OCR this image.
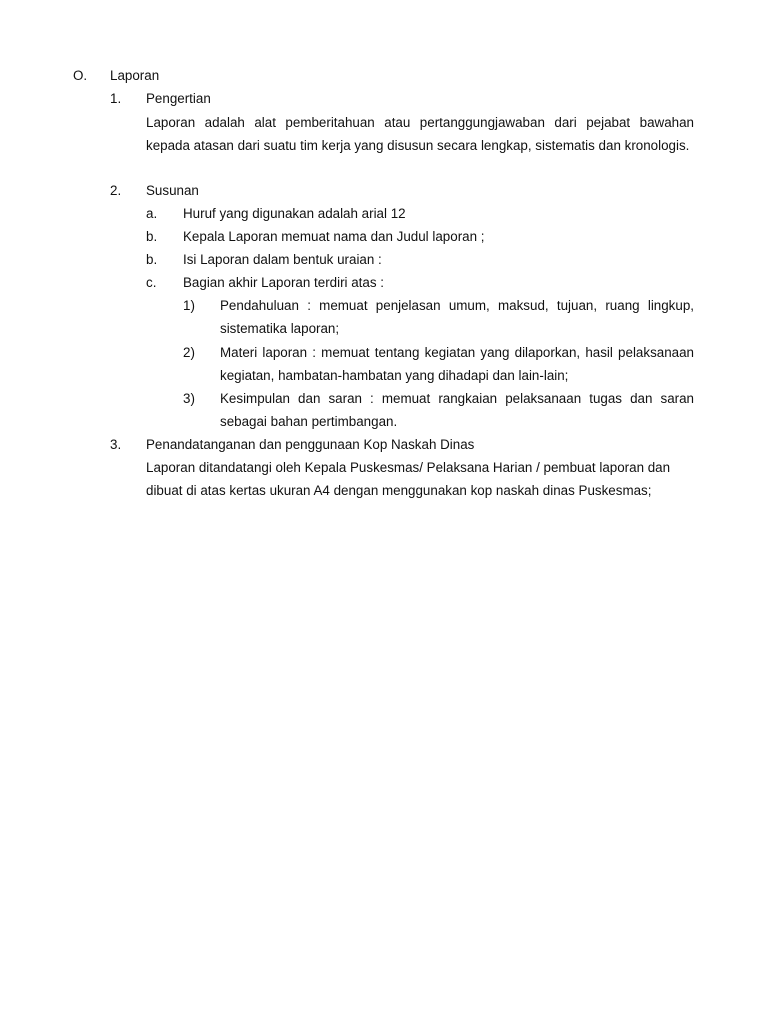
O. Laporan
1. Pengertian
Laporan adalah alat pemberitahuan atau pertanggungjawaban dari pejabat bawahan kepada atasan dari suatu tim kerja yang disusun secara lengkap, sistematis dan kronologis.
2. Susunan
a. Huruf yang digunakan adalah arial 12
b. Kepala Laporan memuat nama dan Judul laporan ;
b. Isi Laporan dalam bentuk uraian :
c. Bagian akhir Laporan terdiri atas :
1) Pendahuluan : memuat penjelasan umum, maksud, tujuan, ruang lingkup, sistematika laporan;
2) Materi laporan : memuat tentang kegiatan yang dilaporkan, hasil pelaksanaan kegiatan, hambatan-hambatan yang dihadapi dan lain-lain;
3) Kesimpulan dan saran : memuat rangkaian pelaksanaan tugas dan saran sebagai bahan pertimbangan.
3. Penandatanganan dan penggunaan Kop Naskah Dinas
Laporan ditandatangi oleh Kepala Puskesmas/ Pelaksana Harian / pembuat laporan dan dibuat di atas kertas ukuran A4 dengan menggunakan kop naskah dinas Puskesmas;
